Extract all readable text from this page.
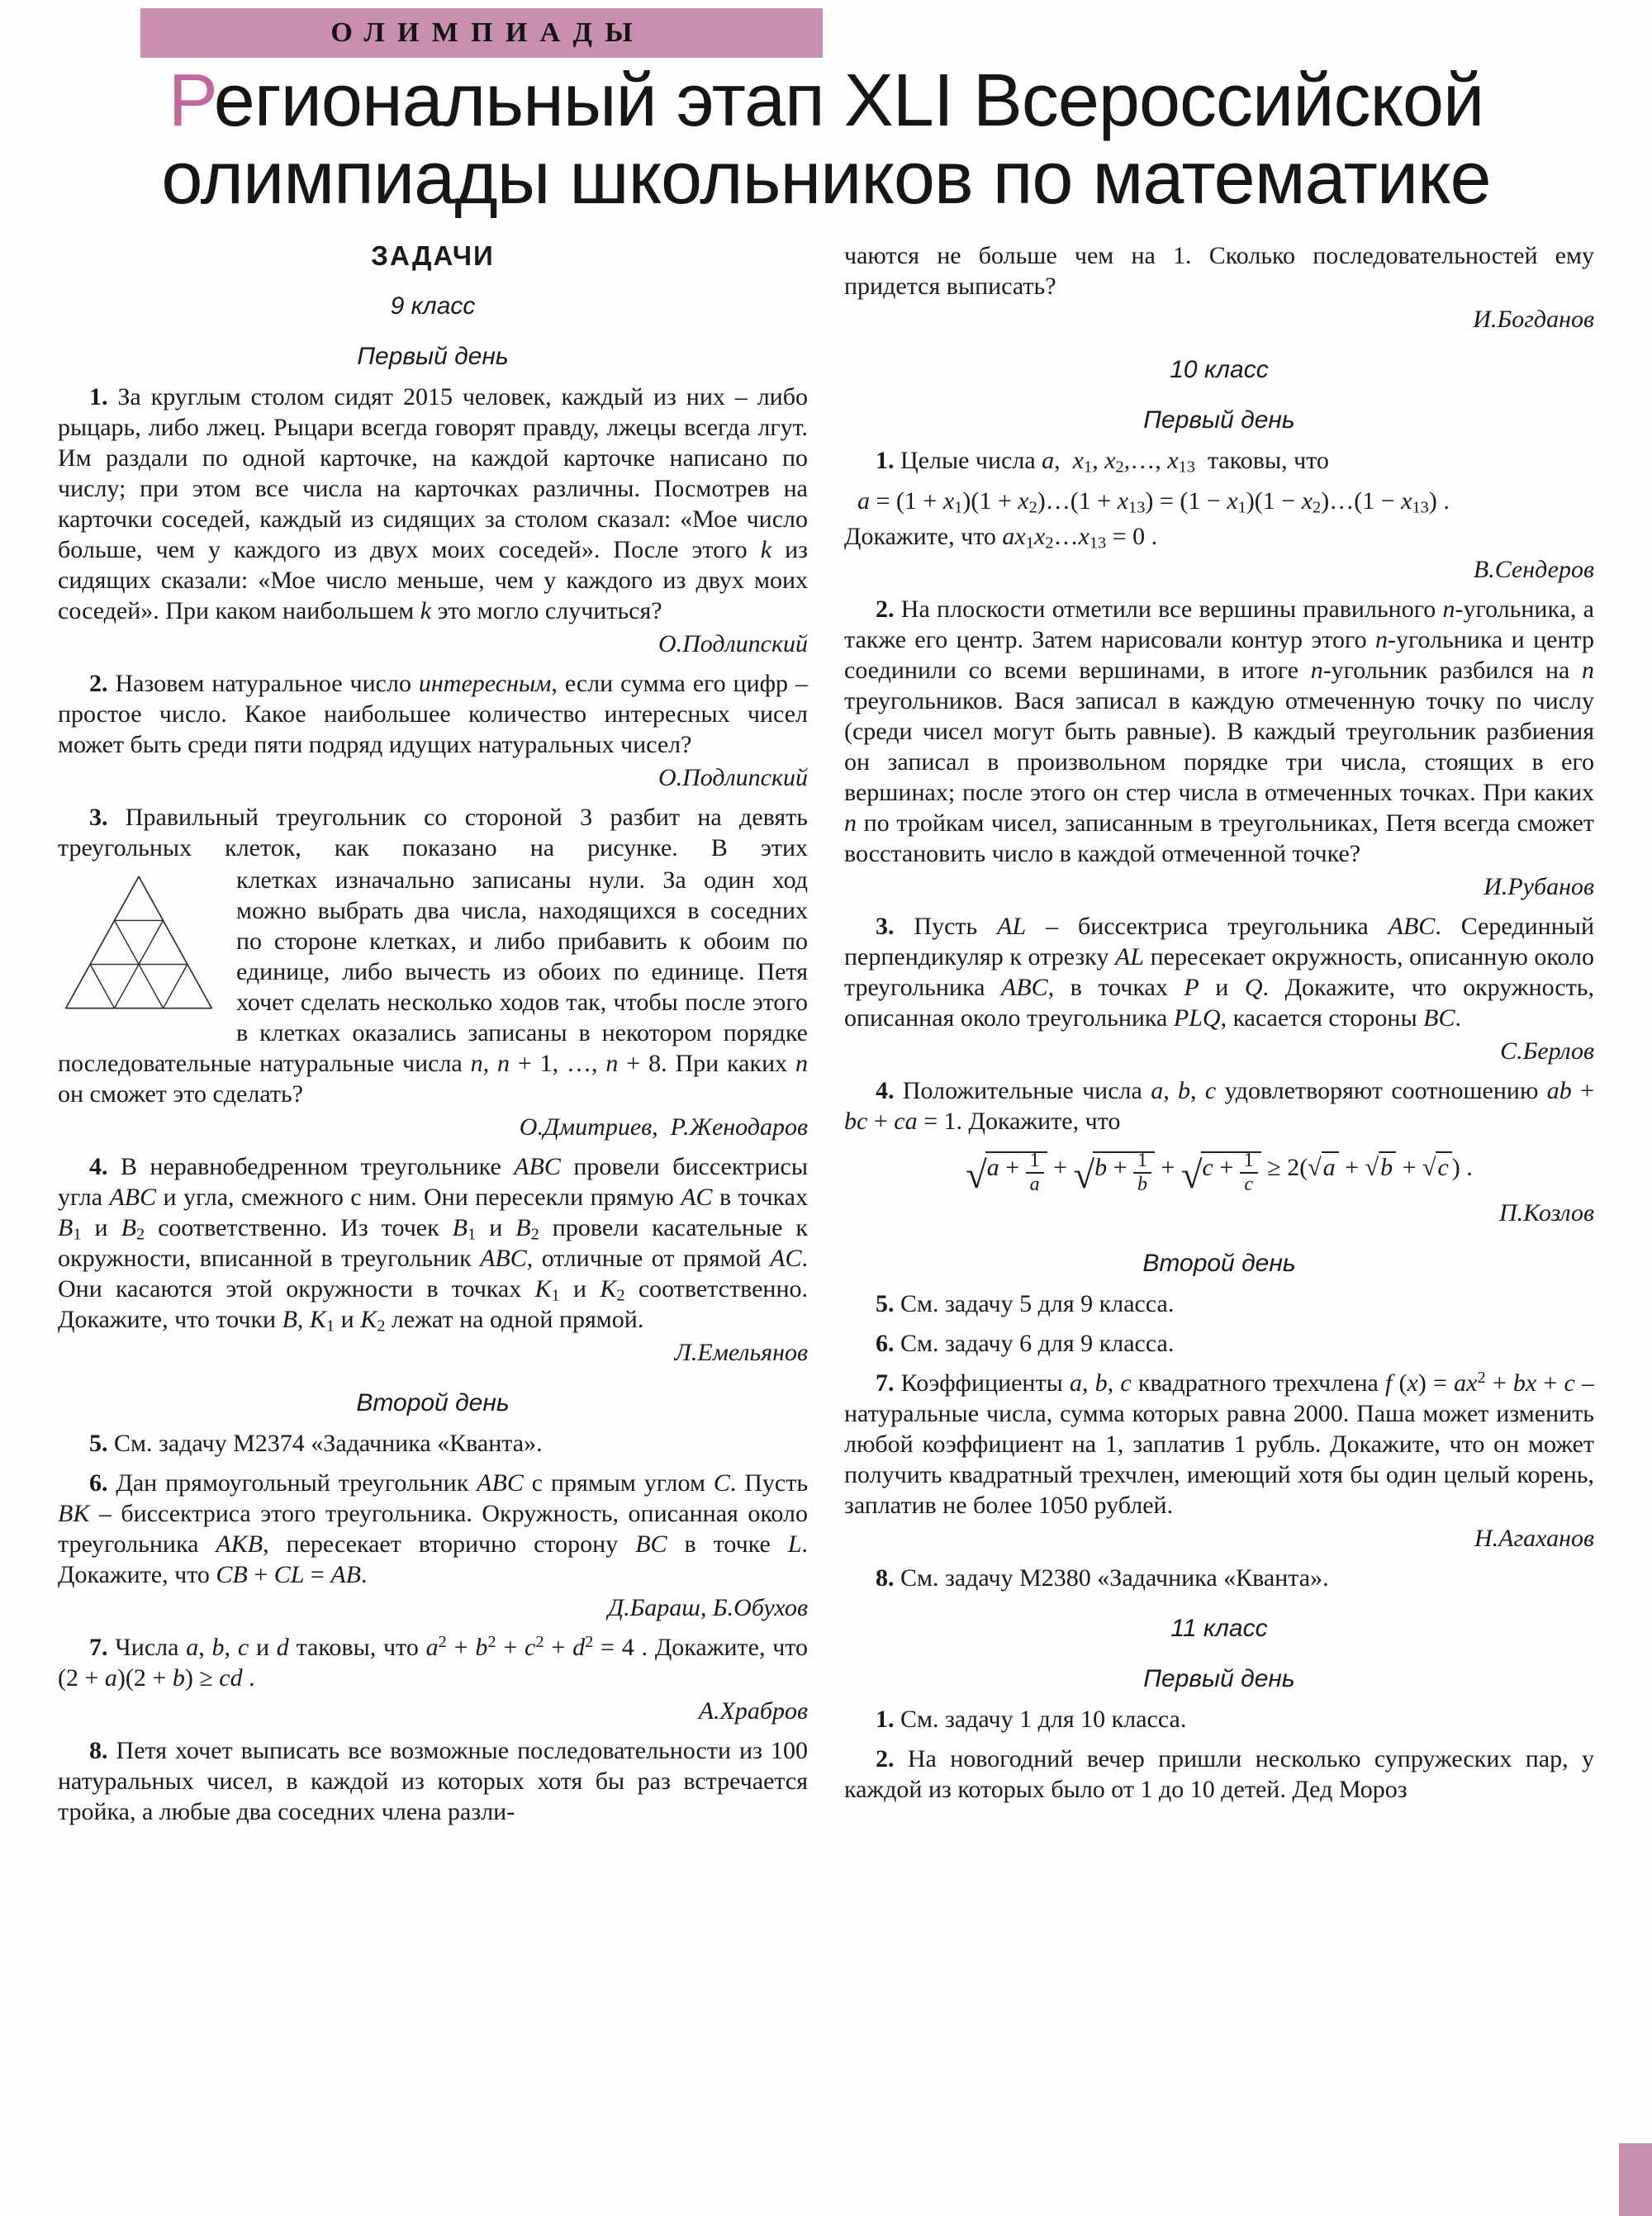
ОЛИМПИАДЫ
Региональный этап XLI Всероссийской
олимпиады школьников по математике
ЗАДАЧИ
9 класс
Первый день
1. За круглым столом сидят 2015 человек, каждый из них – либо рыцарь, либо лжец. Рыцари всегда говорят правду, лжецы всегда лгут. Им раздали по одной карточке, на каждой карточке написано по числу; при этом все числа на карточках различны. Посмотрев на карточки соседей, каждый из сидящих за столом сказал: «Мое число больше, чем у каждого из двух моих соседей». После этого k из сидящих сказали: «Мое число меньше, чем у каждого из двух моих соседей». При каком наибольшем k это могло случиться?
О.Подлипский
2. Назовем натуральное число интересным, если сумма его цифр – простое число. Какое наибольшее количество интересных чисел может быть среди пяти подряд идущих натуральных чисел?
О.Подлипский
3. Правильный треугольник со стороной 3 разбит на девять треугольных клеток, как показано на рисунке. В этих
клетках изначально записаны нули. За один ход можно выбрать два числа, находящихся в соседних по стороне клетках, и либо прибавить к обоим по единице, либо вычесть из обоих по единице. Петя хочет сделать несколько ходов так, чтобы после этого в клетках оказались записаны в некотором порядке последовательные натуральные числа n, n + 1, …, n + 8. При каких n он сможет это сделать?
О.Дмитриев,  Р.Женодаров
4. В неравнобедренном треугольнике ABC провели биссектрисы угла ABC и угла, смежного с ним. Они пересекли прямую AC в точках $B_1$ и $B_2$ соответственно. Из точек $B_1$ и $B_2$ провели касательные к окружности, вписанной в треугольник ABC, отличные от прямой AC. Они касаются этой окружности в точках $K_1$ и $K_2$ соответственно. Докажите, что точки B, $K_1$ и $K_2$ лежат на одной прямой.
Л.Емельянов
Второй день
5. См. задачу М2374 «Задачника «Кванта».
6. Дан прямоугольный треугольник ABC с прямым углом C. Пусть BK – биссектриса этого треугольника. Окружность, описанная около треугольника AKB, пересекает вторично сторону BC в точке L. Докажите, что CB + CL = AB.
Д.Бараш, Б.Обухов
7. Числа a, b, c и d таковы, что $a^2 + b^2 + c^2 + d^2 = 4$ . Докажите, что (2 + a)(2 + b) ≥ cd .
А.Храбров
8. Петя хочет выписать все возможные последовательности из 100 натуральных чисел, в каждой из которых хотя бы раз встречается тройка, а любые два соседних члена разли-
чаются не больше чем на 1. Сколько последовательностей ему придется выписать?
И.Богданов
10 класс
Первый день
1. Целые числа a,  $x_1$, $x_2,\dots$, $x_{13}$  таковы, что
$a = (1 + x_1)(1$ + $x_2)\dots(1 + x_{13}) = (1 - x_1)(1$ − $x_2)\dots(1 - x_{13})$ .
Докажите, что $ax_1x_2\dots x_{13} = 0$ .
В.Сендеров
2. На плоскости отметили все вершины правильного n-угольника, а также его центр. Затем нарисовали контур этого n-угольника и центр соединили со всеми вершинами, в итоге n-угольник разбился на n треугольников. Вася записал в каждую отмеченную точку по числу (среди чисел могут быть равные). В каждый треугольник разбиения он записал в произвольном порядке три числа, стоящих в его вершинах; после этого он стер числа в отмеченных точках. При каких n по тройкам чисел, записанным в треугольниках, Петя всегда сможет восстановить число в каждой отмеченной точке?
И.Рубанов
3. Пусть AL – биссектриса треугольника ABC. Серединный перпендикуляр к отрезку AL пересекает окружность, описанную около треугольника ABC, в точках P и Q. Докажите, что окружность, описанная около треугольника PLQ, касается стороны BC.
С.Берлов
4. Положительные числа a, b, c удовлетворяют соотношению ab + bc + ca = 1. Докажите, что
$√a + \frac{1}{a} + √b + \frac{1}{b} + √c + \frac{1}{c} \ge 2(√a + √b + √c$ ) .
П.Козлов
Второй день
5. См. задачу 5 для 9 класса.
6. См. задачу 6 для 9 класса.
7. Коэффициенты a, b, c квадратного трехчлена f $(x) = ax^2$ + bx + c – натуральные числа, сумма которых равна 2000. Паша может изменить любой коэффициент на 1, заплатив 1 рубль. Докажите, что он может получить квадратный трехчлен, имеющий хотя бы один целый корень, заплатив не более 1050 рублей.
Н.Агаханов
8. См. задачу М2380 «Задачника «Кванта».
11 класс
Первый день
1. См. задачу 1 для 10 класса.
2. На новогодний вечер пришли несколько супружеских пар, у каждой из которых было от 1 до 10 детей. Дед Мороз
